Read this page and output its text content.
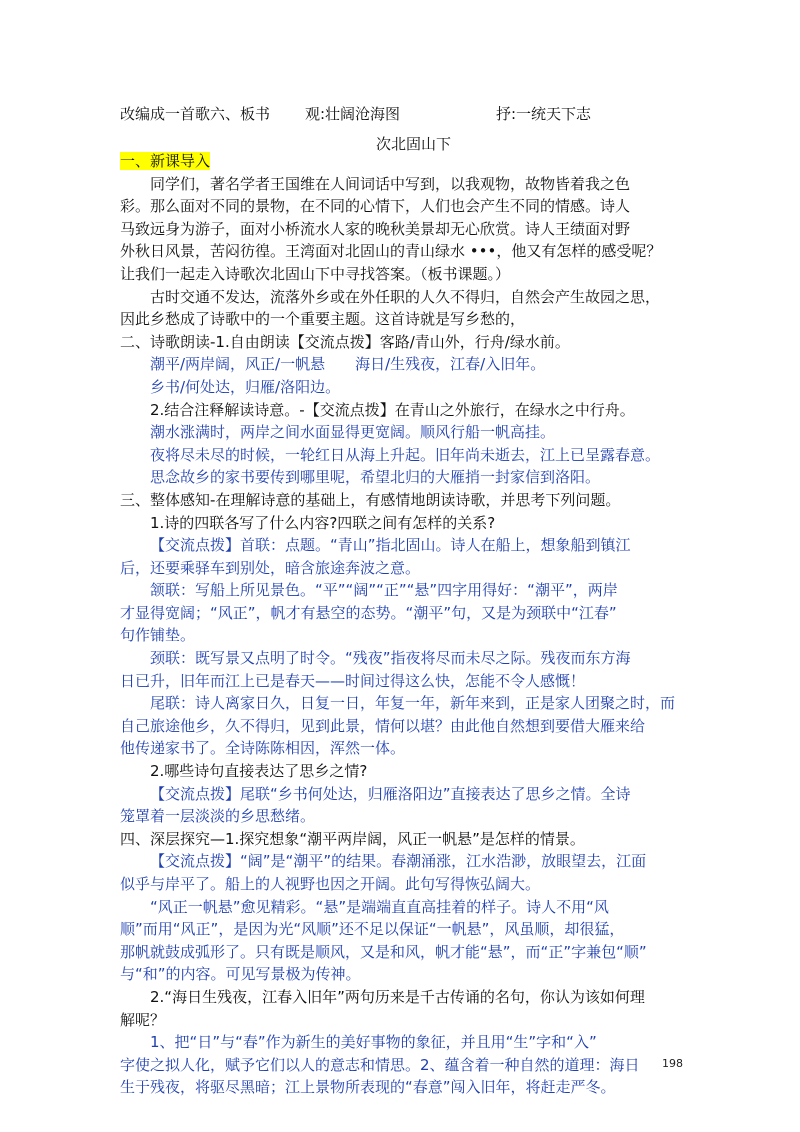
改编成一首歌六、板书 观:壮阔沧海图	抒:一统天下志
次北固山下
一、新课导入
同学们，著名学者王国维在人间词话中写到，以我观物，故物皆着我之色
彩。那么面对不同的景物，在不同的心情下，人们也会产生不同的情感。诗人
马致远身为游子，面对小桥流水人家的晚秋美景却无心欣赏。诗人王绩面对野
外秋日风景，苦闷彷徨。王湾面对北固山的青山绿水 •••，他又有怎样的感受呢？
让我们一起走入诗歌次北固山下中寻找答案。（板书课题。）
古时交通不发达，流落外乡或在外任职的人久不得归，自然会产生故园之思，
因此乡愁成了诗歌中的一个重要主题。这首诗就是写乡愁的，
二、诗歌朗读-1.自由朗读【交流点拨】客路/青山外，行舟/绿水前。
潮平/两岸阔，风正/一帆悬　　海日/生残夜，江春/入旧年。
乡书/何处达，归雁/洛阳边。
2.结合注释解读诗意。-【交流点拨】在青山之外旅行，在绿水之中行舟。
潮水涨满时，两岸之间水面显得更宽阔。顺风行船一帆高挂。
夜将尽未尽的时候，一轮红日从海上升起。旧年尚未逝去，江上已呈露春意。
思念故乡的家书要传到哪里呢，希望北归的大雁捎一封家信到洛阳。
三、整体感知-在理解诗意的基础上，有感情地朗读诗歌，并思考下列问题。
1.诗的四联各写了什么内容?四联之间有怎样的关系?
【交流点拨】首联：点题。“青山”指北固山。诗人在船上，想象船到镇江
后，还要乘驿车到别处，暗含旅途奔波之意。
颔联：写船上所见景色。“平”“阔”“正”“悬”四字用得好：“潮平”，两岸
才显得宽阔；“风正”，帆才有悬空的态势。“潮平”句，又是为颈联中“江春”
句作铺垫。
颈联：既写景又点明了时令。“残夜”指夜将尽而未尽之际。残夜而东方海
日已升，旧年而江上已是春天——时间过得这么快，怎能不令人感慨！
尾联：诗人离家日久，日复一日，年复一年，新年来到，正是家人团聚之时，而
自己旅途他乡，久不得归，见到此景，情何以堪？由此他自然想到要借大雁来给
他传递家书了。全诗陈陈相因，浑然一体。
2.哪些诗句直接表达了思乡之情?
【交流点拨】尾联“乡书何处达，归雁洛阳边”直接表达了思乡之情。全诗
笼罩着一层淡淡的乡思愁绪。
四、深层探究—1.探究想象“潮平两岸阔，风正一帆悬”是怎样的情景。
【交流点拨】“阔”是“潮平”的结果。春潮涌涨，江水浩渺，放眼望去，江面
似乎与岸平了。船上的人视野也因之开阔。此句写得恢弘阔大。
“风正一帆悬”愈见精彩。“悬”是端端直直高挂着的样子。诗人不用“风
顺”而用“风正”，是因为光“风顺”还不足以保证“一帆悬”，风虽顺，却很猛，
那帆就鼓成弧形了。只有既是顺风，又是和风，帆才能“悬”，而“正”字兼包“顺”
与“和”的内容。可见写景极为传神。
2.“海日生残夜，江春入旧年”两句历来是千古传诵的名句，你认为该如何理
解呢？
1、把“日”与“春”作为新生的美好事物的象征，并且用“生”字和“入”
字使之拟人化，赋予它们以人的意志和情思。2、蕴含着一种自然的道理：海日
生于残夜，将驱尽黑暗；江上景物所表现的“春意”闯入旧年，将赶走严冬。
198
